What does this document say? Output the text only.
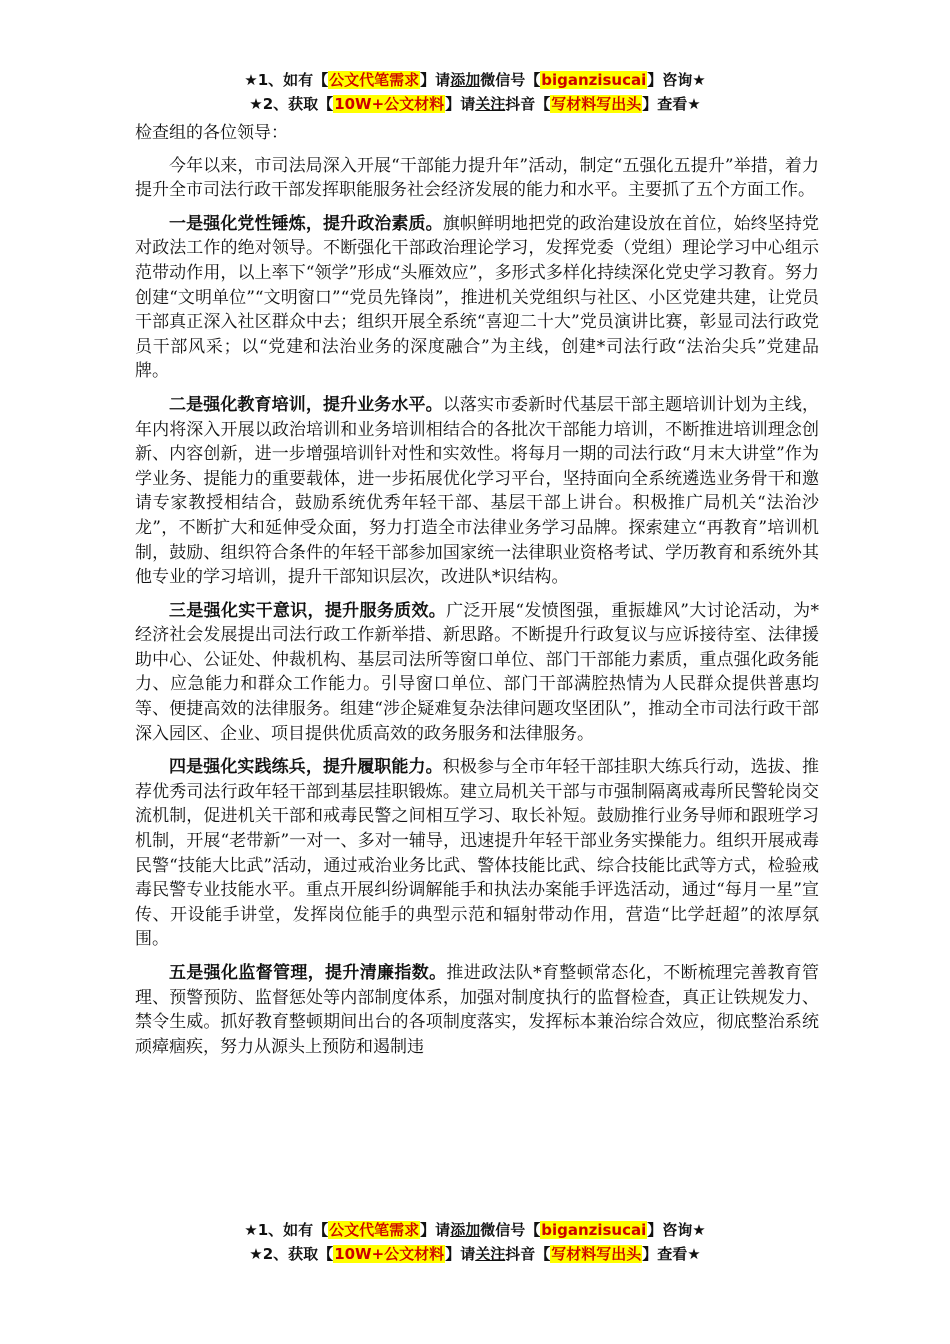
★1、如有【公文代笔需求】请添加微信号【biganzisucai】咨询★
★2、获取【10W+公文材料】请关注抖音【写材料写出头】查看★

检查组的各位领导：

今年以来，市司法局深入开展“干部能力提升年”活动，制定“五强化五提升”举措，着力提升全市司法行政干部发挥职能服务社会经济发展的能力和水平。主要抓了五个方面工作。

一是强化党性锤炼，提升政治素质。旗帜鲜明地把党的政治建设放在首位，始终坚持党对政法工作的绝对领导。不断强化干部政治理论学习，发挥党委（党组）理论学习中心组示范带动作用，以上率下“领学”形成“头雁效应”，多形式多样化持续深化党史学习教育。努力创建“文明单位”“文明窗口”“党员先锋岗”，推进机关党组织与社区、小区党建共建，让党员干部真正深入社区群众中去；组织开展全系统“喜迎二十大”党员演讲比赛，彰显司法行政党员干部风采；以“党建和法治业务的深度融合”为主线，创建*司法行政“法治尖兵”党建品牌。

二是强化教育培训，提升业务水平。以落实市委新时代基层干部主题培训计划为主线，年内将深入开展以政治培训和业务培训相结合的各批次干部能力培训，不断推进培训理念创新、内容创新，进一步增强培训针对性和实效性。将每月一期的司法行政“月末大讲堂”作为学业务、提能力的重要载体，进一步拓展优化学习平台，坚持面向全系统遴选业务骨干和邀请专家教授相结合，鼓励系统优秀年轻干部、基层干部上讲台。积极推广局机关“法治沙龙”，不断扩大和延伸受众面，努力打造全市法律业务学习品牌。探索建立“再教育”培训机制，鼓励、组织符合条件的年轻干部参加国家统一法律职业资格考试、学历教育和系统外其他专业的学习培训，提升干部知识层次，改进队*识结构。

三是强化实干意识，提升服务质效。广泛开展“发愤图强，重振雄风”大讨论活动，为*经济社会发展提出司法行政工作新举措、新思路。不断提升行政复议与应诉接待室、法律援助中心、公证处、仲裁机构、基层司法所等窗口单位、部门干部能力素质，重点强化政务能力、应急能力和群众工作能力。引导窗口单位、部门干部满腔热情为人民群众提供普惠均等、便捷高效的法律服务。组建“涉企疑难复杂法律问题攻坚团队”，推动全市司法行政干部深入园区、企业、项目提供优质高效的政务服务和法律服务。

四是强化实践练兵，提升履职能力。积极参与全市年轻干部挂职大练兵行动，选拔、推荐优秀司法行政年轻干部到基层挂职锻炼。建立局机关干部与市强制隔离戒毒所民警轮岗交流机制，促进机关干部和戒毒民警之间相互学习、取长补短。鼓励推行业务导师和跟班学习机制，开展“老带新”一对一、多对一辅导，迅速提升年轻干部业务实操能力。组织开展戒毒民警“技能大比武”活动，通过戒治业务比武、警体技能比武、综合技能比武等方式，检验戒毒民警专业技能水平。重点开展纠纷调解能手和执法办案能手评选活动，通过“每月一星”宣传、开设能手讲堂，发挥岗位能手的典型示范和辐射带动作用，营造“比学赶超”的浓厚氛围。

五是强化监督管理，提升清廉指数。推进政法队*育整顿常态化，不断梳理完善教育管理、预警预防、监督惩处等内部制度体系，加强对制度执行的监督检查，真正让铁规发力、禁令生威。抓好教育整顿期间出台的各项制度落实，发挥标本兼治综合效应，彻底整治系统顽瘴痼疾，努力从源头上预防和遏制违

★1、如有【公文代笔需求】请添加微信号【biganzisucai】咨询★
★2、获取【10W+公文材料】请关注抖音【写材料写出头】查看★
